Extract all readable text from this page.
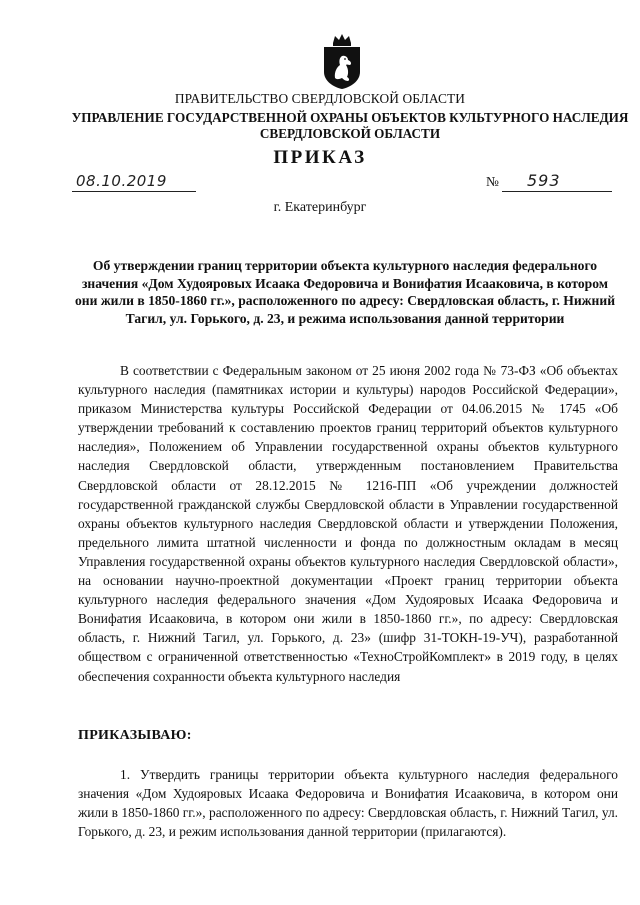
ПРАВИТЕЛЬСТВО СВЕРДЛОВСКОЙ ОБЛАСТИ
УПРАВЛЕНИЕ ГОСУДАРСТВЕННОЙ ОХРАНЫ ОБЪЕКТОВ КУЛЬТУРНОГО НАСЛЕДИЯ СВЕРДЛОВСКОЙ ОБЛАСТИ
ПРИКАЗ
08.10.2019	№ 593
г. Екатеринбург
Об утверждении границ территории объекта культурного наследия федерального значения «Дом Худояровых Исаака Федоровича и Вонифатия Исааковича, в котором они жили в 1850-1860 гг.», расположенного по адресу: Свердловская область, г. Нижний Тагил, ул. Горького, д. 23, и режима использования данной территории

В соответствии с Федеральным законом от 25 июня 2002 года № 73-ФЗ «Об объектах культурного наследия (памятниках истории и культуры) народов Российской Федерации», приказом Министерства культуры Российской Федерации от 04.06.2015 № 1745 «Об утверждении требований к составлению проектов границ территорий объектов культурного наследия», Положением об Управлении государственной охраны объектов культурного наследия Свердловской области, утвержденным постановлением Правительства Свердловской области от 28.12.2015 № 1216-ПП «Об учреждении должностей государственной гражданской службы Свердловской области в Управлении государственной охраны объектов культурного наследия Свердловской области и утверждении Положения, предельного лимита штатной численности и фонда по должностным окладам в месяц Управления государственной охраны объектов культурного наследия Свердловской области», на основании научно-проектной документации «Проект границ территории объекта культурного наследия федерального значения «Дом Худояровых Исаака Федоровича и Вонифатия Исааковича, в котором они жили в 1850-1860 гг.», по адресу: Свердловская область, г. Нижний Тагил, ул. Горького, д. 23» (шифр 31-ТОКН-19-УЧ), разработанной обществом с ограниченной ответственностью «ТехноСтройКомплект» в 2019 году, в целях обеспечения сохранности объекта культурного наследия

ПРИКАЗЫВАЮ:

1. Утвердить границы территории объекта культурного наследия федерального значения «Дом Худояровых Исаака Федоровича и Вонифатия Исааковича, в котором они жили в 1850-1860 гг.», расположенного по адресу: Свердловская область, г. Нижний Тагил, ул. Горького, д. 23, и режим использования данной территории (прилагаются).
